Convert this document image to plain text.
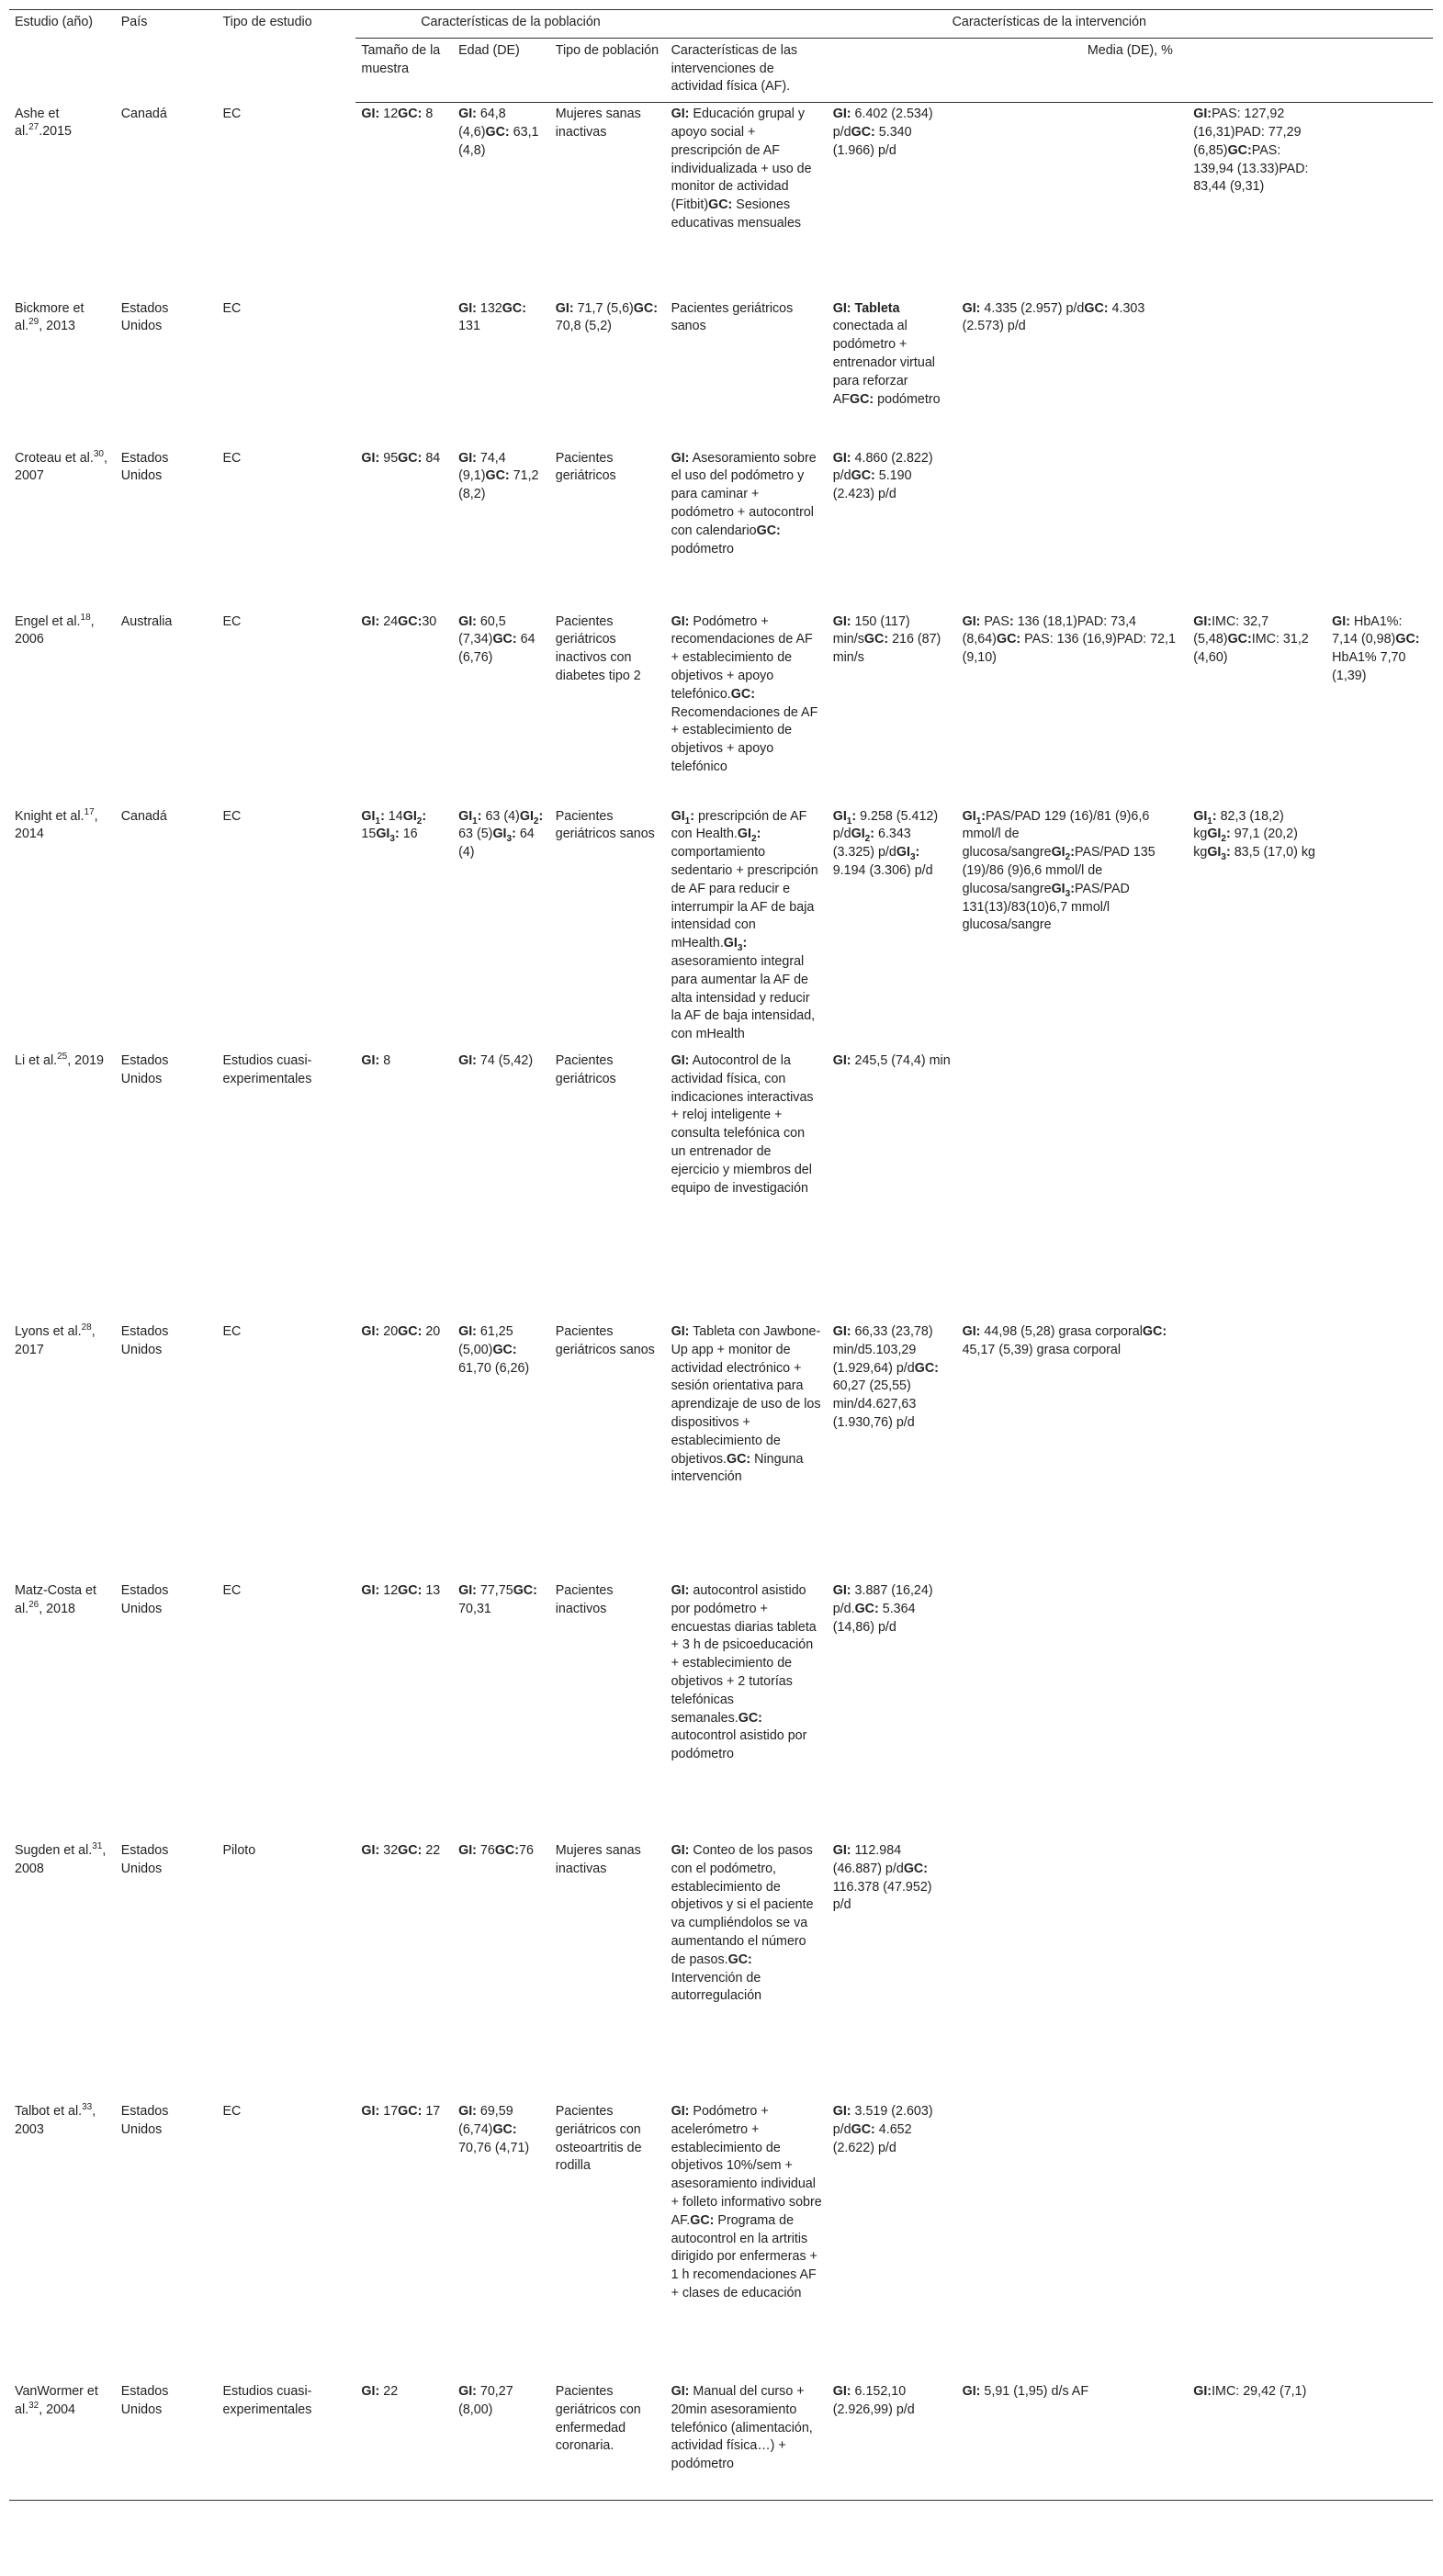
Estudio (año)	País	Tipo de estudio	Características de la población			Características de la intervención				
			Tamaño de la muestra	Edad (DE)	Tipo de población	Características de las intervenciones de actividad física (AF).	Media (DE), %			
Ashe et al.$^{27}$.2015	Canadá	EC	GI: 12GC: 8	GI: 64,8 (4,6)GC: 63,1 (4,8)	Mujeres sanas inactivas	GI: Educación grupal y apoyo social + prescripción de AF individualizada + uso de monitor de actividad (Fitbit)GC: Sesiones educativas mensuales	GI: 6.402 (2.534) p/dGC: 5.340 (1.966) p/d		GI:PAS: 127,92 (16,31)PAD: 77,29 (6,85)GC:PAS: 139,94 (13.33)PAD: 83,44 (9,31)	
Bickmore et al.$^{29}$, 2013	Estados Unidos	EC		GI: 132GC: 131	GI: 71,7 (5,6)GC: 70,8 (5,2)	Pacientes geriátricos sanos	GI: Tableta conectada al podómetro + entrenador virtual para reforzar AFGC: podómetro	GI: 4.335 (2.957) p/dGC: 4.303 (2.573) p/d		
Croteau et al.$^{30}$, 2007	Estados Unidos	EC	GI: 95GC: 84	GI: 74,4 (9,1)GC: 71,2 (8,2)	Pacientes geriátricos	GI: Asesoramiento sobre el uso del podómetro y para caminar + podómetro + autocontrol con calendarioGC: podómetro	GI: 4.860 (2.822) p/dGC: 5.190 (2.423) p/d			
Engel et al.$^{18}$, 2006	Australia	EC	GI: 24GC:30	GI: 60,5 (7,34)GC: 64 (6,76)	Pacientes geriátricos inactivos con diabetes tipo 2	GI: Podómetro + recomendaciones de AF + establecimiento de objetivos + apoyo telefónico.GC: Recomendaciones de AF + establecimiento de objetivos + apoyo telefónico	GI: 150 (117) min/sGC: 216 (87) min/s	GI: PAS: 136 (18,1)PAD: 73,4 (8,64)GC: PAS: 136 (16,9)PAD: 72,1 (9,10)	GI:IMC: 32,7 (5,48)GC:IMC: 31,2 (4,60)	GI: HbA1%: 7,14 (0,98)GC: HbA1% 7,70 (1,39)
Knight et al.$^{17}$, 2014	Canadá	EC	$GI_1$: $14GI_2$: $15GI_3$: 16	$GI_1$: 63 $(4)GI_2$: 63 $(5)GI_3$: 64 (4)	Pacientes geriátricos sanos	$GI_1$: prescripción de AF con $Health.GI_2$: comportamiento sedentario + prescripción de AF para reducir e interrumpir la AF de baja intensidad con $mHealth.GI_3$: asesoramiento integral para aumentar la AF de alta intensidad y reducir la AF de baja intensidad, con mHealth	$GI_1$: 9.258 (5.412) p/dGI$_2$: 6.343 (3.325) p/dGI$_3$: 9.194 (3.306) p/d	$GI_1:PAS$/PAD 129 (16)/81 (9)6,6 mmol/l de glucosa/sangreGI$_2$:PAS/PAD 135 (19)/86 (9)6,6 mmol/l de glucosa/sangreGI$_3$:PAS/PAD 131(13)/83(10)6,7 mmol/l glucosa/sangre	$GI_1$: 82,3 (18,2) kgGI$_2$: 97,1 (20,2) kgGI$_3$: 83,5 (17,0) kg	
Li et al.$^{25}$, 2019	Estados Unidos	Estudios cuasi-experimentales	GI: 8	GI: 74 (5,42)	Pacientes geriátricos	GI: Autocontrol de la actividad física, con indicaciones interactivas + reloj inteligente + consulta telefónica con un entrenador de ejercicio y miembros del equipo de investigación	GI: 245,5 (74,4) min			
Lyons et al.$^{28}$, 2017	Estados Unidos	EC	GI: 20GC: 20	GI: 61,25 (5,00)GC: 61,70 (6,26)	Pacientes geriátricos sanos	GI: Tableta con Jawbone-Up app + monitor de actividad electrónico + sesión orientativa para aprendizaje de uso de los dispositivos + establecimiento de objetivos.GC: Ninguna intervención	GI: 66,33 (23,78) min/d5.103,29 (1.929,64) p/dGC: 60,27 (25,55) min/d4.627,63 (1.930,76) p/d	GI: 44,98 (5,28) grasa corporalGC: 45,17 (5,39) grasa corporal		
Matz-Costa et al.$^{26}$, 2018	Estados Unidos	EC	GI: 12GC: 13	GI: 77,75GC: 70,31	Pacientes inactivos	GI: autocontrol asistido por podómetro + encuestas diarias tableta + 3 h de psicoeducación + establecimiento de objetivos + 2 tutorías telefónicas semanales.GC: autocontrol asistido por podómetro	GI: 3.887 (16,24) p/d.GC: 5.364 (14,86) p/d			
Sugden et al.$^{31}$, 2008	Estados Unidos	Piloto	GI: 32GC: 22	GI: 76GC:76	Mujeres sanas inactivas	GI: Conteo de los pasos con el podómetro, establecimiento de objetivos y si el paciente va cumpliéndolos se va aumentando el número de pasos.GC: Intervención de autorregulación	GI: 112.984 (46.887) p/dGC: 116.378 (47.952) p/d			
Talbot et al.$^{33}$, 2003	Estados Unidos	EC	GI: 17GC: 17	GI: 69,59 (6,74)GC: 70,76 (4,71)	Pacientes geriátricos con osteoartritis de rodilla	GI: Podómetro + acelerómetro + establecimiento de objetivos 10%/sem + asesoramiento individual + folleto informativo sobre AF.GC: Programa de autocontrol en la artritis dirigido por enfermeras + 1 h recomendaciones AF + clases de educación	GI: 3.519 (2.603) p/dGC: 4.652 (2.622) p/d			
VanWormer et al.$^{32}$, 2004	Estados Unidos	Estudios cuasi-experimentales	GI: 22	GI: 70,27 (8,00)	Pacientes geriátricos con enfermedad coronaria.	GI: Manual del curso + 20min asesoramiento telefónico (alimentación, actividad física…) + podómetro	GI: 6.152,10 (2.926,99) p/d	GI: 5,91 (1,95) d/s AF	GI:IMC: 29,42 (7,1)	
